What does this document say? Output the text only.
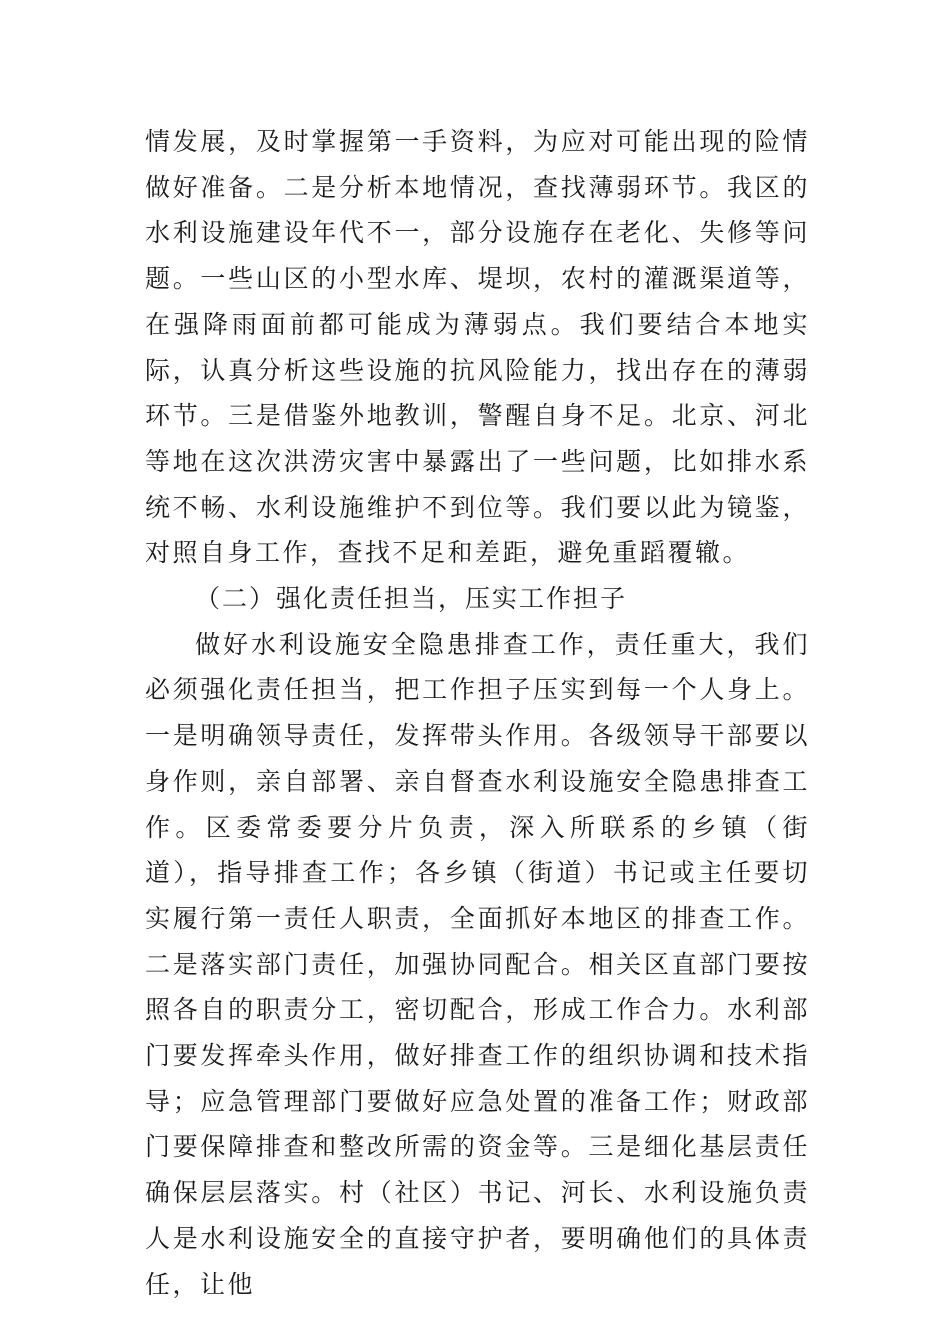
情发展，及时掌握第一手资料，为应对可能出现的险情做好准备。二是分析本地情况，查找薄弱环节。我区的水利设施建设年代不一，部分设施存在老化、失修等问题。一些山区的小型水库、堤坝，农村的灌溉渠道等，在强降雨面前都可能成为薄弱点。我们要结合本地实际，认真分析这些设施的抗风险能力，找出存在的薄弱环节。三是借鉴外地教训，警醒自身不足。北京、河北等地在这次洪涝灾害中暴露出了一些问题，比如排水系统不畅、水利设施维护不到位等。我们要以此为镜鉴，对照自身工作，查找不足和差距，避免重蹈覆辙。

（二）强化责任担当，压实工作担子

做好水利设施安全隐患排查工作，责任重大，我们必须强化责任担当，把工作担子压实到每一个人身上。一是明确领导责任，发挥带头作用。各级领导干部要以身作则，亲自部署、亲自督查水利设施安全隐患排查工作。区委常委要分片负责，深入所联系的乡镇（街道），指导排查工作；各乡镇（街道）书记或主任要切实履行第一责任人职责，全面抓好本地区的排查工作。二是落实部门责任，加强协同配合。相关区直部门要按照各自的职责分工，密切配合，形成工作合力。水利部门要发挥牵头作用，做好排查工作的组织协调和技术指导；应急管理部门要做好应急处置的准备工作；财政部门要保障排查和整改所需的资金等。三是细化基层责任确保层层落实。村（社区）书记、河长、水利设施负责人是水利设施安全的直接守护者，要明确他们的具体责任，让他
